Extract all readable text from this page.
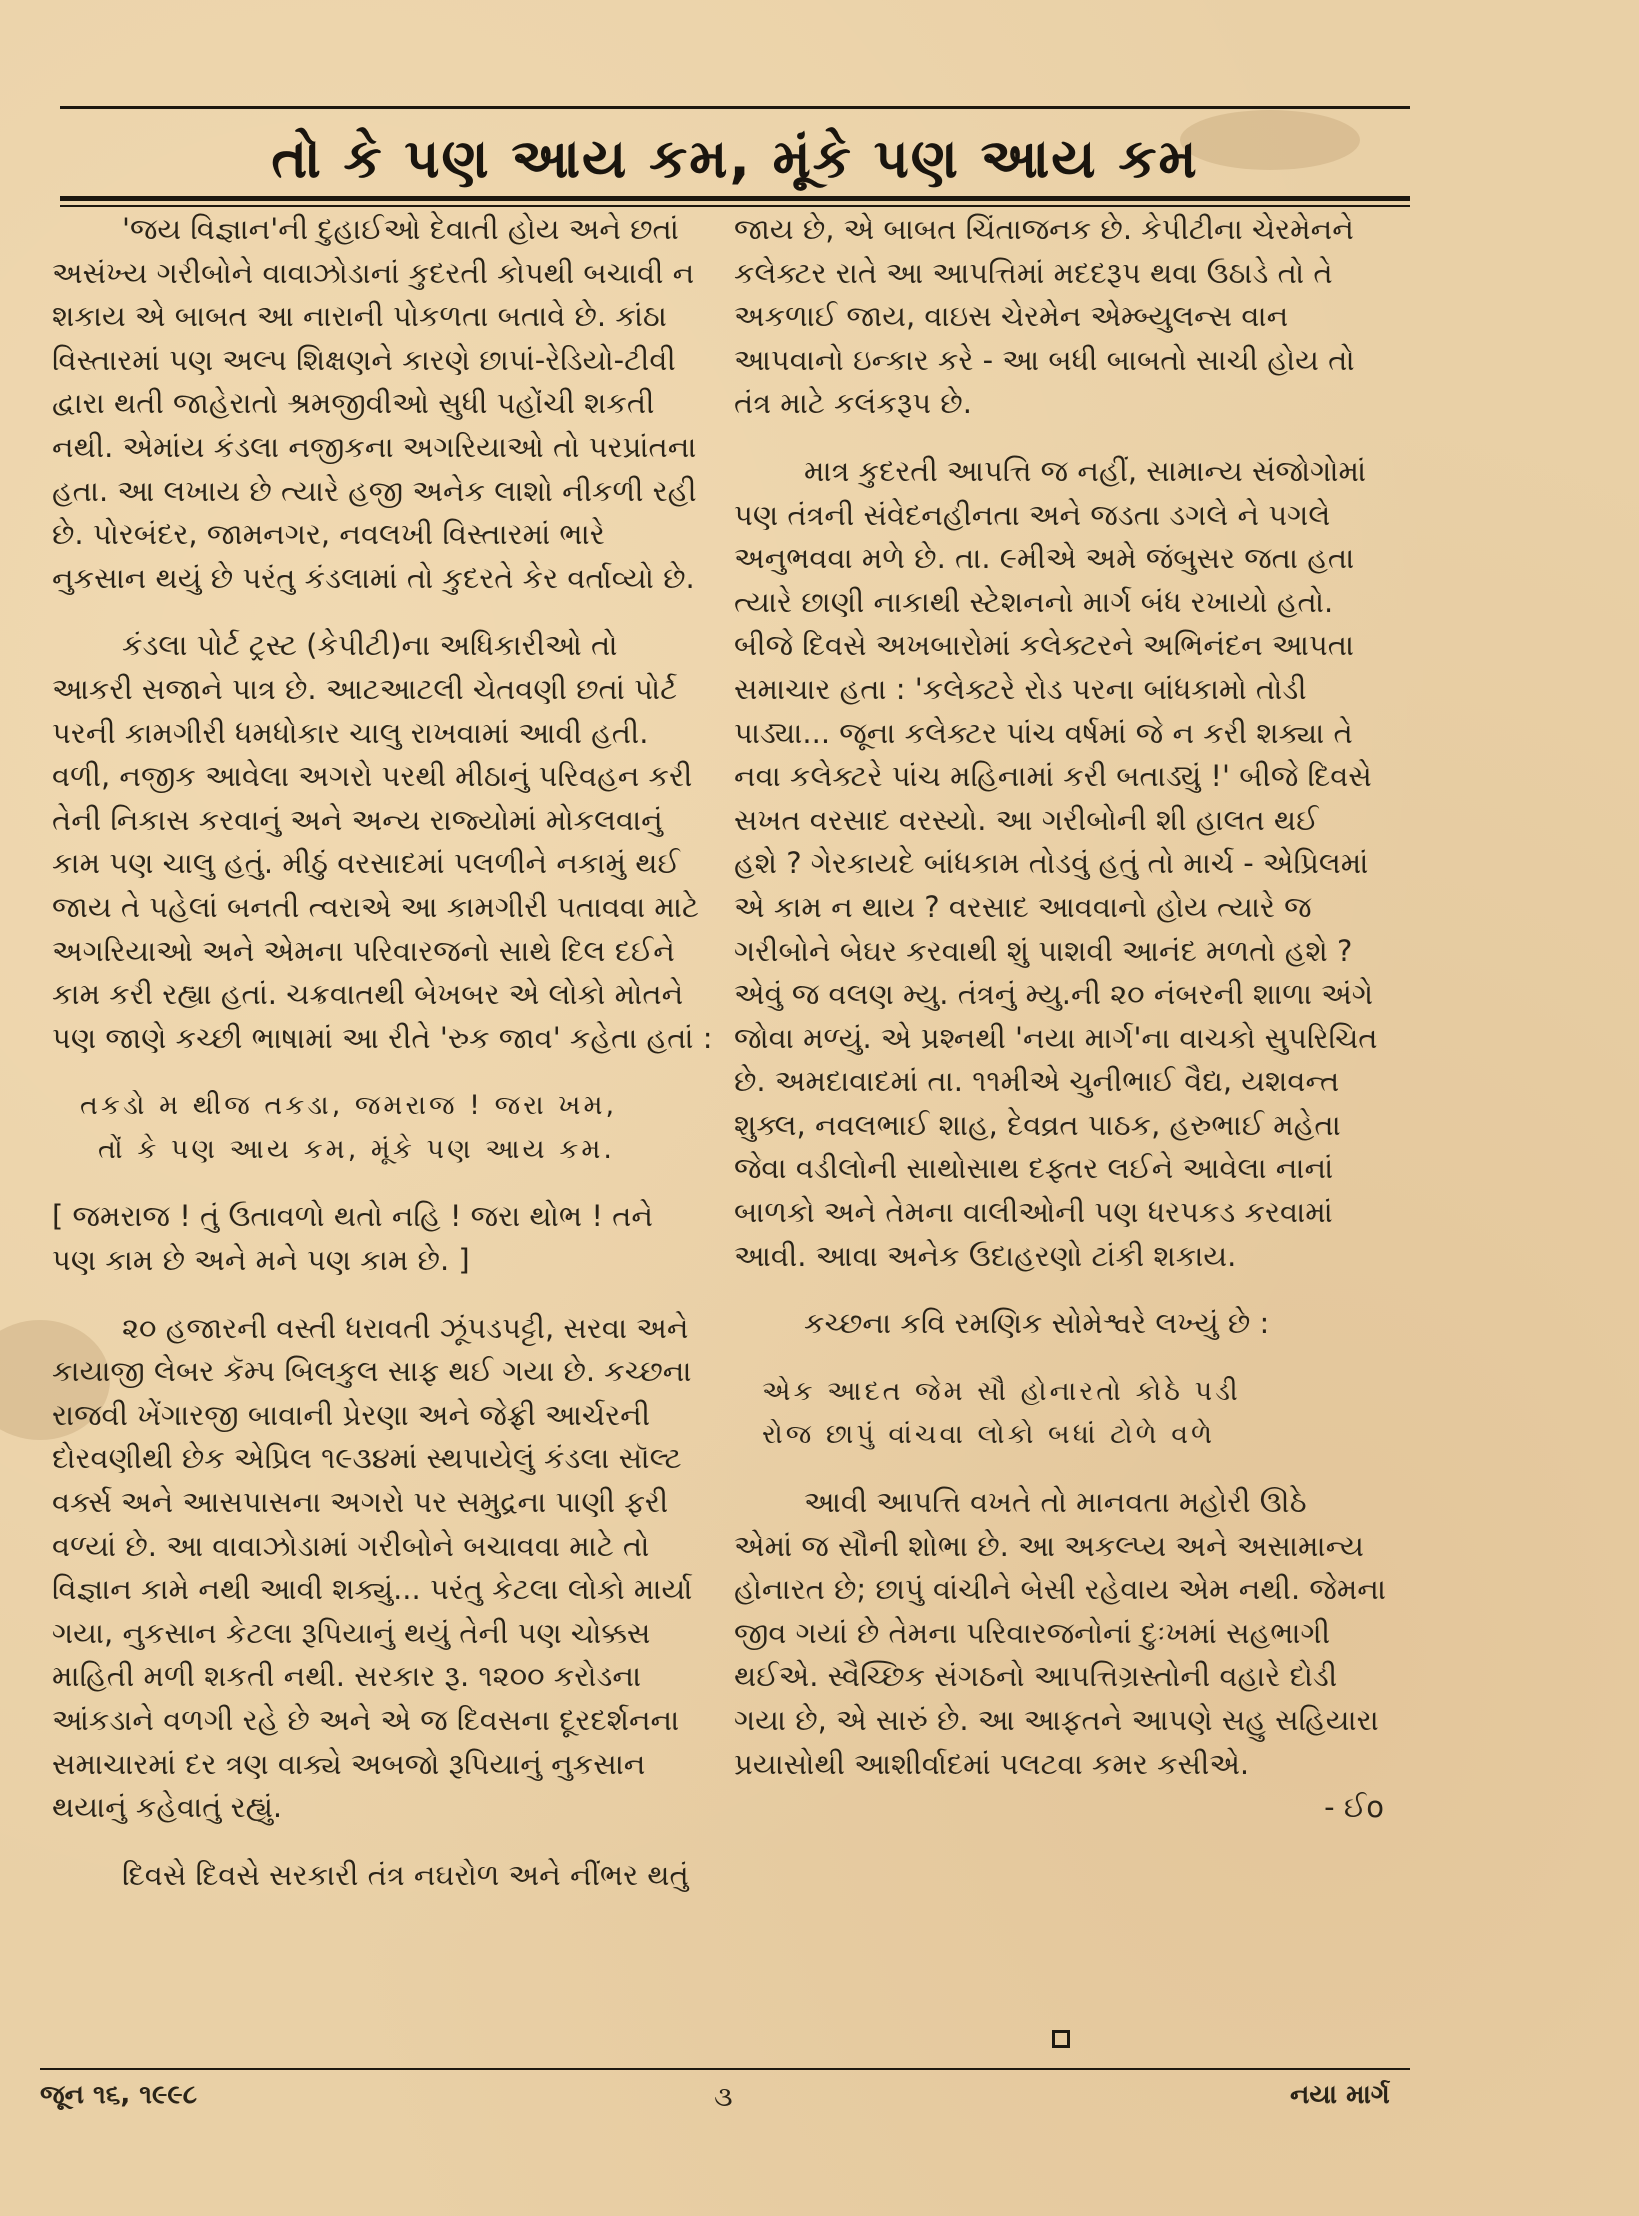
તો કે પણ આય કમ, મૂંકે પણ આય કમ
'જય વિજ્ઞાન'ની દુહાઈઓ દેવાતી હોય અને છતાં
અસંખ્ય ગરીબોને વાવાઝોડાનાં કુદરતી કોપથી બચાવી ન
શકાય એ બાબત આ નારાની પોકળતા બતાવે છે. કાંઠા
વિસ્તારમાં પણ અલ્પ શિક્ષણને કારણે છાપાં-રેડિયો-ટીવી
દ્વારા થતી જાહેરાતો શ્રમજીવીઓ સુધી પહોંચી શકતી
નથી. એમાંય કંડલા નજીકના અગરિયાઓ તો પરપ્રાંતના
હતા. આ લખાય છે ત્યારે હજી અનેક લાશો નીકળી રહી
છે. પોરબંદર, જામનગર, નવલખી વિસ્તારમાં ભારે
નુકસાન થયું છે પરંતુ કંડલામાં તો કુદરતે કેર વર્તાવ્યો છે.
કંડલા પોર્ટ ટ્રસ્ટ (કેપીટી)ના અધિકારીઓ તો
આકરી સજાને પાત્ર છે. આટઆટલી ચેતવણી છતાં પોર્ટ
પરની કામગીરી ધમધોકાર ચાલુ રાખવામાં આવી હતી.
વળી, નજીક આવેલા અગરો પરથી મીઠાનું પરિવહન કરી
તેની નિકાસ કરવાનું અને અન્ય રાજ્યોમાં મોકલવાનું
કામ પણ ચાલુ હતું. મીઠું વરસાદમાં પલળીને નકામું થઈ
જાય તે પહેલાં બનતી ત્વરાએ આ કામગીરી પતાવવા માટે
અગરિયાઓ અને એમના પરિવારજનો સાથે દિલ દઈને
કામ કરી રહ્યા હતાં. ચક્રવાતથી બેખબર એ લોકો મોતને
પણ જાણે કચ્છી ભાષામાં આ રીતે 'રુક જાવ' કહેતા હતાં :
તકડો મ થીજ તકડા, જમરાજ ! જરા ખમ,
તોં કે પણ આય કમ, મૂંકે પણ આય કમ.
[ જમરાજ ! તું ઉતાવળો થતો નહિ ! જરા થોભ ! તને
પણ કામ છે અને મને પણ કામ છે. ]
૨૦ હજારની વસ્તી ધરાવતી ઝૂંપડપટ્ટી, સરવા અને
કાયાજી લેબર કૅમ્પ બિલકુલ સાફ થઈ ગયા છે. કચ્છના
રાજવી ખેંગારજી બાવાની પ્રેરણા અને જેફ્રી આર્ચરની
દોરવણીથી છેક એપ્રિલ ૧૯૩૪માં સ્થપાયેલું કંડલા સૉલ્ટ
વર્ક્સ અને આસપાસના અગરો પર સમુદ્રના પાણી ફરી
વળ્યાં છે. આ વાવાઝોડામાં ગરીબોને બચાવવા માટે તો
વિજ્ઞાન કામે નથી આવી શક્યું... પરંતુ કેટલા લોકો માર્યા
ગયા, નુકસાન કેટલા રૂપિયાનું થયું તેની પણ ચોક્કસ
માહિતી મળી શકતી નથી. સરકાર રૂ. ૧૨૦૦ કરોડના
આંકડાને વળગી રહે છે અને એ જ દિવસના દૂરદર્શનના
સમાચારમાં દર ત્રણ વાક્યે અબજો રૂપિયાનું નુકસાન
થયાનું કહેવાતું રહ્યું.
દિવસે દિવસે સરકારી તંત્ર નઘરોળ અને નીંભર થતું
જાય છે, એ બાબત ચિંતાજનક છે. કેપીટીના ચેરમેનને
કલેક્ટર રાતે આ આપત્તિમાં મદદરૂપ થવા ઉઠાડે તો તે
અકળાઈ જાય, વાઇસ ચેરમેન એમ્બ્યુલન્સ વાન
આપવાનો ઇન્કાર કરે - આ બધી બાબતો સાચી હોય તો
તંત્ર માટે કલંકરૂપ છે.
માત્ર કુદરતી આપત્તિ જ નહીં, સામાન્ય સંજોગોમાં
પણ તંત્રની સંવેદનહીનતા અને જડતા ડગલે ને પગલે
અનુભવવા મળે છે. તા. ૯મીએ અમે જંબુસર જતા હતા
ત્યારે છાણી નાકાથી સ્ટેશનનો માર્ગ બંધ રખાયો હતો.
બીજે દિવસે અખબારોમાં કલેક્ટરને અભિનંદન આપતા
સમાચાર હતા : 'કલેક્ટરે રોડ પરના બાંધકામો તોડી
પાડ્યા... જૂના કલેક્ટર પાંચ વર્ષમાં જે ન કરી શક્યા તે
નવા કલેક્ટરે પાંચ મહિનામાં કરી બતાડ્યું !' બીજે દિવસે
સખત વરસાદ વરસ્યો. આ ગરીબોની શી હાલત થઈ
હશે ? ગેરકાયદે બાંધકામ તોડવું હતું તો માર્ચ - એપ્રિલમાં
એ કામ ન થાય ? વરસાદ આવવાનો હોય ત્યારે જ
ગરીબોને બેઘર કરવાથી શું પાશવી આનંદ મળતો હશે ?
એવું જ વલણ મ્યુ. તંત્રનું મ્યુ.ની ૨૦ નંબરની શાળા અંગે
જોવા મળ્યું. એ પ્રશ્નથી 'નયા માર્ગ'ના વાચકો સુપરિચિત
છે. અમદાવાદમાં તા. ૧૧મીએ ચુનીભાઈ વૈદ્ય, યશવન્ત
શુક્લ, નવલભાઈ શાહ, દેવવ્રત પાઠક, હરુભાઈ મહેતા
જેવા વડીલોની સાથોસાથ દફ્તર લઈને આવેલા નાનાં
બાળકો અને તેમના વાલીઓની પણ ધરપકડ કરવામાં
આવી. આવા અનેક ઉદાહરણો ટાંકી શકાય.
કચ્છના કવિ રમણિક સોમેશ્વરે લખ્યું છે :
એક આદત જેમ સૌ હોનારતો કોઠે પડી
રોજ છાપું વાંચવા લોકો બધાં ટોળે વળે
આવી આપત્તિ વખતે તો માનવતા મહોરી ઊઠે
એમાં જ સૌની શોભા છે. આ અકલ્પ્ય અને અસામાન્ય
હોનારત છે; છાપું વાંચીને બેસી રહેવાય એમ નથી. જેમના
જીવ ગયાં છે તેમના પરિવારજનોનાં દુઃખમાં સહભાગી
થઈએ. સ્વૈચ્છિક સંગઠનો આપત્તિગ્રસ્તોની વહારે દોડી
ગયા છે, એ સારું છે. આ આફતને આપણે સહુ સહિયારા
પ્રયાસોથી આશીર્વાદમાં પલટવા કમર કસીએ.
- ઈo
જૂન ૧૬, ૧૯૯૮	૩	નયા માર્ગ
